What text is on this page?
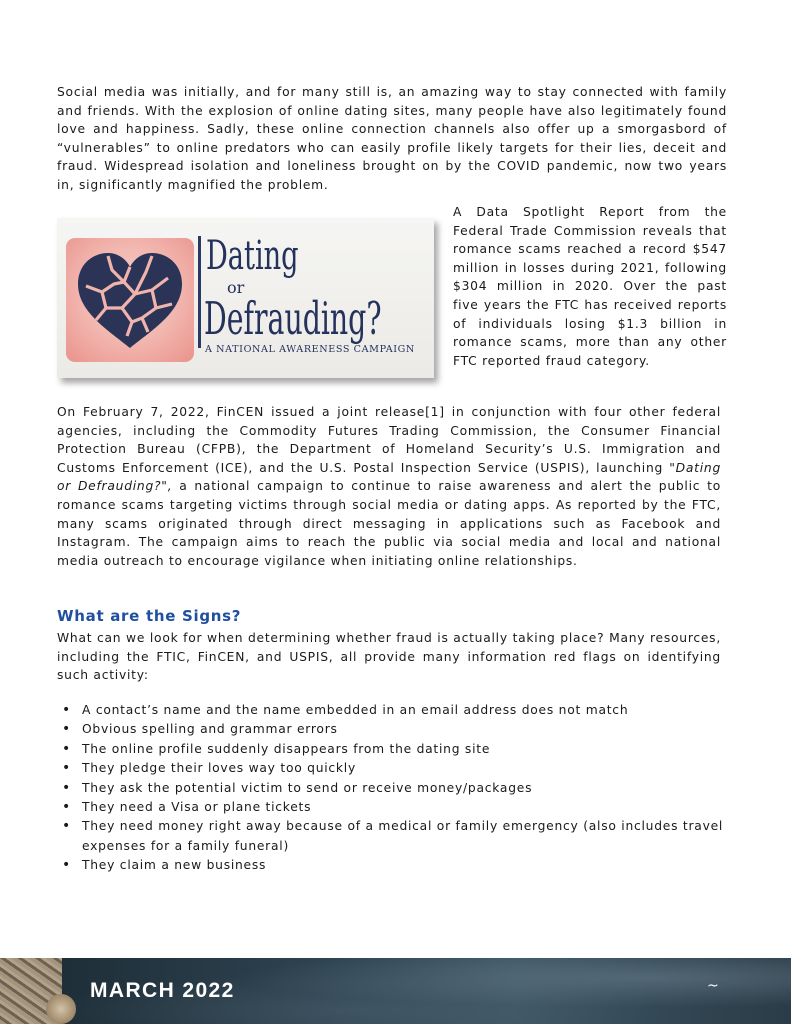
Social media was initially, and for many still is, an amazing way to stay connected with family and friends. With the explosion of online dating sites, many people have also legitimately found love and happiness. Sadly, these online connection channels also offer up a smorgasbord of “vulnerables” to online predators who can easily profile likely targets for their lies, deceit and fraud. Widespread isolation and loneliness brought on by the COVID pandemic, now two years in, significantly magnified the problem.

Dating
or
Defrauding?
A NATIONAL AWARENESS CAMPAIGN

A Data Spotlight Report from the Federal Trade Commission reveals that romance scams reached a record $547 million in losses during 2021, following $304 million in 2020. Over the past five years the FTC has received reports of individuals losing $1.3 billion in romance scams, more than any other FTC reported fraud category.

On February 7, 2022, FinCEN issued a joint release[1] in conjunction with four other federal agencies, including the Commodity Futures Trading Commission, the Consumer Financial Protection Bureau (CFPB), the Department of Homeland Security’s U.S. Immigration and Customs Enforcement (ICE), and the U.S. Postal Inspection Service (USPIS), launching "Dating or Defrauding?", a national campaign to continue to raise awareness and alert the public to romance scams targeting victims through social media or dating apps. As reported by the FTC, many scams originated through direct messaging in applications such as Facebook and Instagram. The campaign aims to reach the public via social media and local and national media outreach to encourage vigilance when initiating online relationships.

What are the Signs?

What can we look for when determining whether fraud is actually taking place? Many resources, including the FTIC, FinCEN, and USPIS, all provide many information red flags on identifying such activity:

• A contact’s name and the name embedded in an email address does not match
• Obvious spelling and grammar errors
• The online profile suddenly disappears from the dating site
• They pledge their loves way too quickly
• They ask the potential victim to send or receive money/packages
• They need a Visa or plane tickets
• They need money right away because of a medical or family emergency (also includes travel expenses for a family funeral)
• They claim a new business
MARCH 2022	~
